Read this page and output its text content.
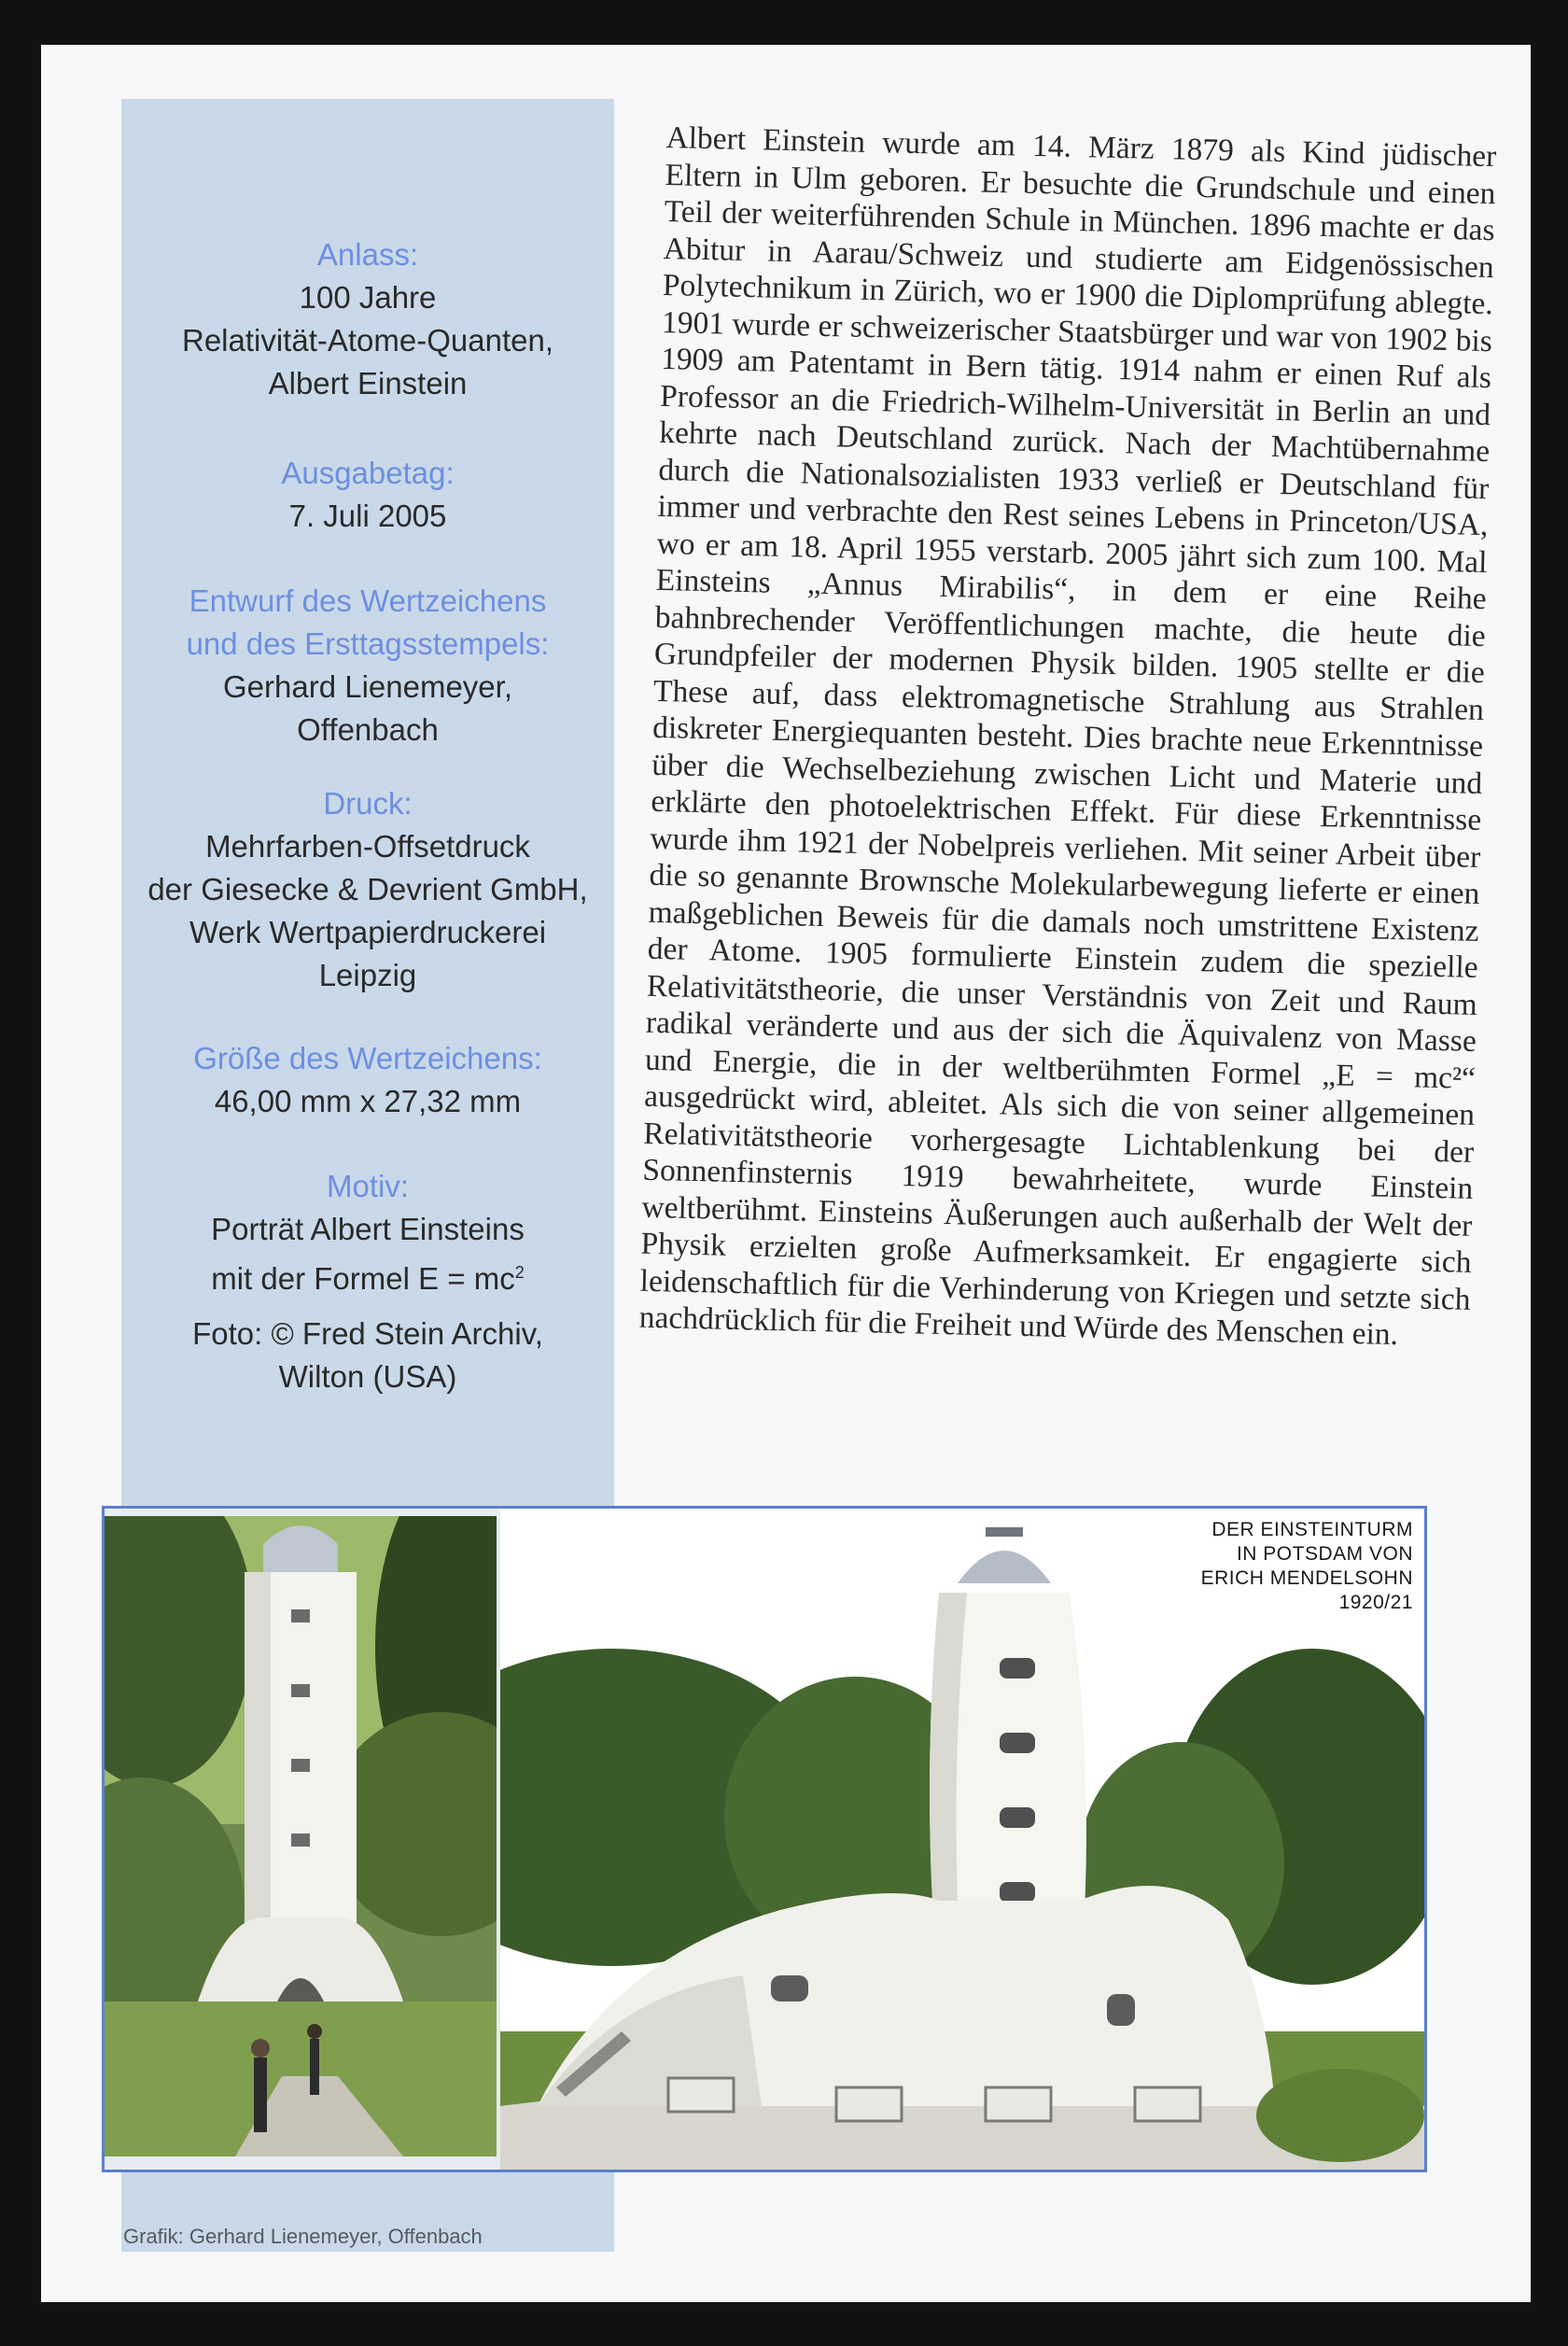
Anlass:
100 Jahre
Relativität-Atome-Quanten,
Albert Einstein
Ausgabetag:
7. Juli 2005
Entwurf des Wertzeichens
und des Ersttagsstempels:
Gerhard Lienemeyer,
Offenbach
Druck:
Mehrfarben-Offsetdruck
der Giesecke & Devrient GmbH,
Werk Wertpapierdruckerei
Leipzig
Größe des Wertzeichens:
46,00 mm x 27,32 mm
Motiv:
Porträt Albert Einsteins
mit der Formel $E = mc^2$
Foto: © Fred Stein Archiv,
Wilton (USA)
Albert Einstein wurde am 14. März 1879 als Kind jüdischer Eltern in Ulm geboren. Er besuchte die Grundschule und einen Teil der weiterführenden Schule in München. 1896 machte er das Abitur in Aarau/Schweiz und studierte am Eidgenössischen Polytechnikum in Zürich, wo er 1900 die Diplomprüfung ablegte. 1901 wurde er schweizerischer Staatsbürger und war von 1902 bis 1909 am Patentamt in Bern tätig. 1914 nahm er einen Ruf als Professor an die Friedrich-Wilhelm-Universität in Berlin an und kehrte nach Deutschland zurück. Nach der Machtübernahme durch die Nationalsozialisten 1933 verließ er Deutschland für immer und verbrachte den Rest seines Lebens in Princeton/USA, wo er am 18. April 1955 verstarb. 2005 jährt sich zum 100. Mal Einsteins „Annus Mirabilis“, in dem er eine Reihe bahnbrechender Veröffentlichungen machte, die heute die Grundpfeiler der modernen Physik bilden. 1905 stellte er die These auf, dass elektromagnetische Strahlung aus Strahlen diskreter Energiequanten besteht. Dies brachte neue Erkenntnisse über die Wechselbeziehung zwischen Licht und Materie und erklärte den photoelektrischen Effekt. Für diese Erkenntnisse wurde ihm 1921 der Nobelpreis verliehen. Mit seiner Arbeit über die so genannte Brownsche Molekularbewegung lieferte er einen maßgeblichen Beweis für die damals noch umstrittene Existenz der Atome. 1905 formulierte Einstein zudem die spezielle Relativitätstheorie, die unser Verständnis von Zeit und Raum radikal veränderte und aus der sich die Äquivalenz von Masse und Energie, die in der weltberühmten Formel „E = mc²“ ausgedrückt wird, ableitet. Als sich die von seiner allgemeinen Relativitätstheorie vorhergesagte Lichtablenkung bei der Sonnenfinsternis 1919 bewahrheitete, wurde Einstein weltberühmt. Einsteins Äußerungen auch außerhalb der Welt der Physik erzielten große Aufmerksamkeit. Er engagierte sich leidenschaftlich für die Verhinderung von Kriegen und setzte sich nachdrücklich für die Freiheit und Würde des Menschen ein.
DER EINSTEINTURM
IN POTSDAM VON
ERICH MENDELSOHN
1920/21
Grafik: Gerhard Lienemeyer, Offenbach
